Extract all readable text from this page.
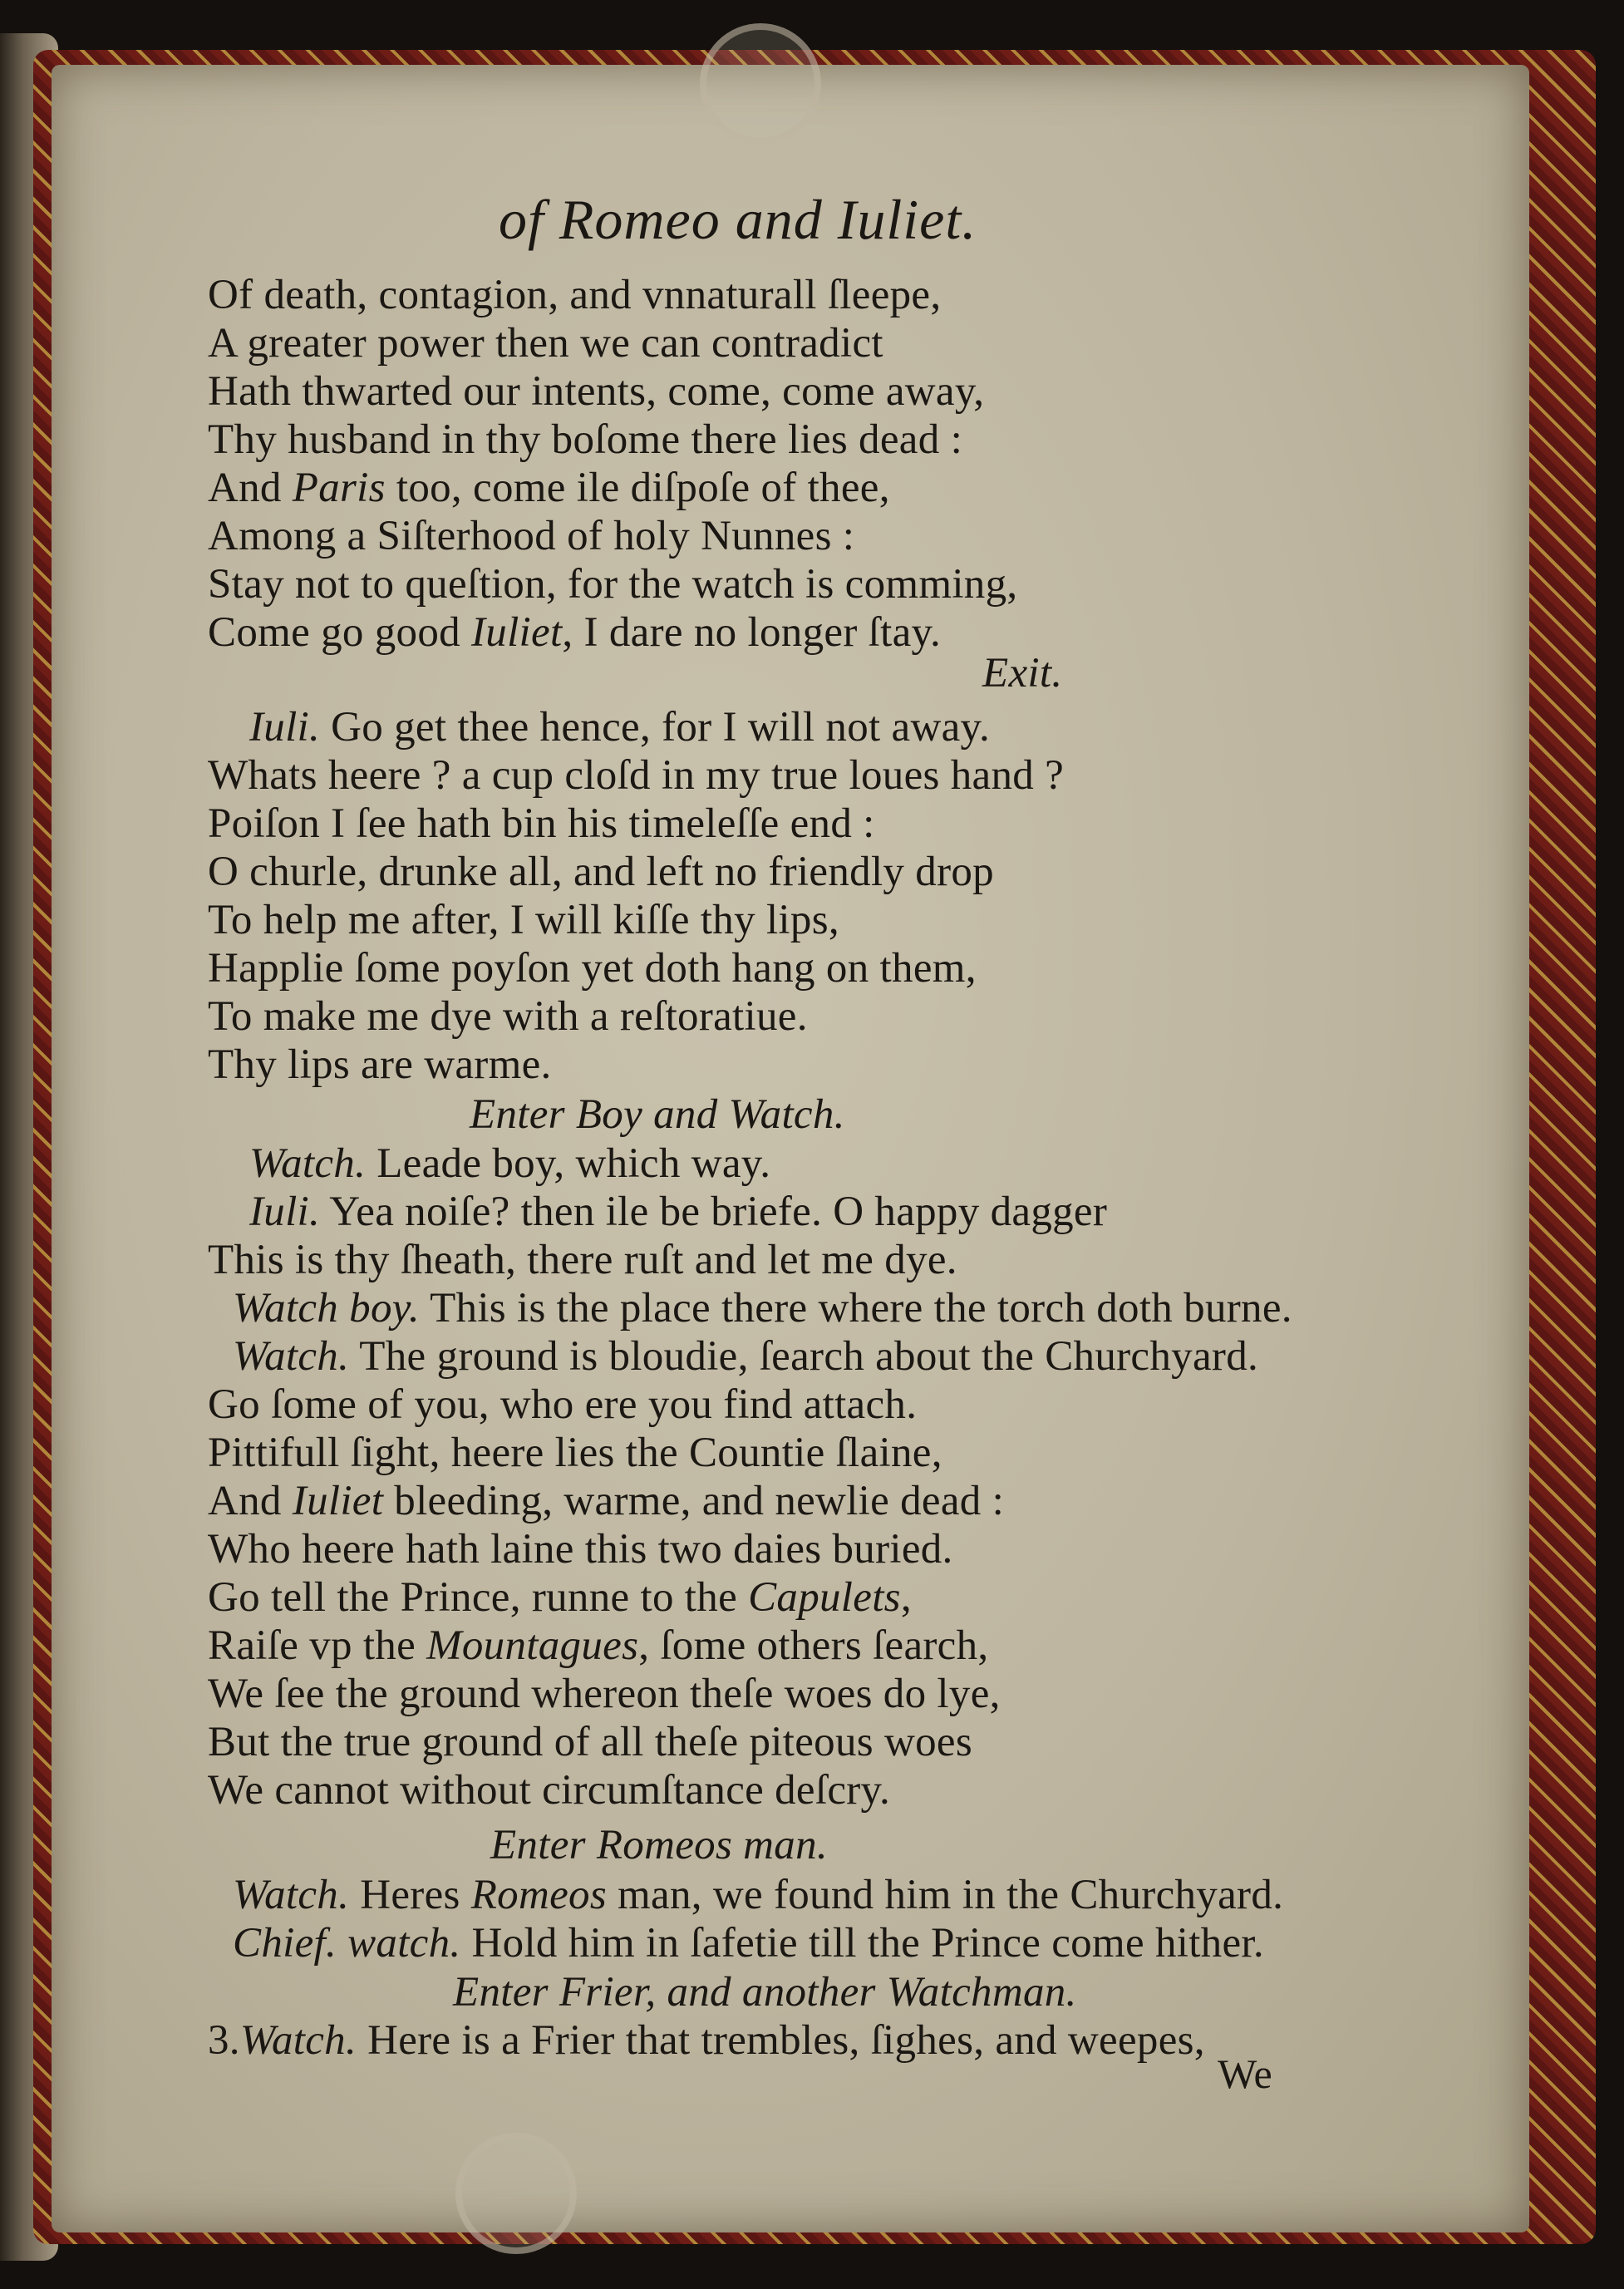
of Romeo and Iuliet.
Of death, contagion, and vnnaturall ſleepe,
A greater power then we can contradict
Hath thwarted our intents, come, come away,
Thy husband in thy boſome there lies dead :
And Paris too, come ile diſpoſe of thee,
Among a Siſterhood of holy Nunnes :
Stay not to queſtion, for the watch is comming,
Come go good Iuliet, I dare no longer ſtay.
Exit.
Iuli. Go get thee hence, for I will not away.
Whats heere ? a cup cloſd in my true loues hand ?
Poiſon I ſee hath bin his timeleſſe end :
O churle, drunke all, and left no friendly drop
To help me after, I will kiſſe thy lips,
Happlie ſome poyſon yet doth hang on them,
To make me dye with a reſtoratiue.
Thy lips are warme.
Enter Boy and Watch.
Watch. Leade boy, which way.
Iuli. Yea noiſe? then ile be briefe. O happy dagger
This is thy ſheath, there ruſt and let me dye.
Watch boy. This is the place there where the torch doth burne.
Watch. The ground is bloudie, ſearch about the Churchyard.
Go ſome of you, who ere you find attach.
Pittifull ſight, heere lies the Countie ſlaine,
And Iuliet bleeding, warme, and newlie dead :
Who heere hath laine this two daies buried.
Go tell the Prince, runne to the Capulets,
Raiſe vp the Mountagues, ſome others ſearch,
We ſee the ground whereon theſe woes do lye,
But the true ground of all theſe piteous woes
We cannot without circumſtance deſcry.
Enter Romeos man.
Watch. Heres Romeos man, we found him in the Churchyard.
Chief. watch. Hold him in ſafetie till the Prince come hither.
Enter Frier, and another Watchman.
3.Watch. Here is a Frier that trembles, ſighes, and weepes,
We
